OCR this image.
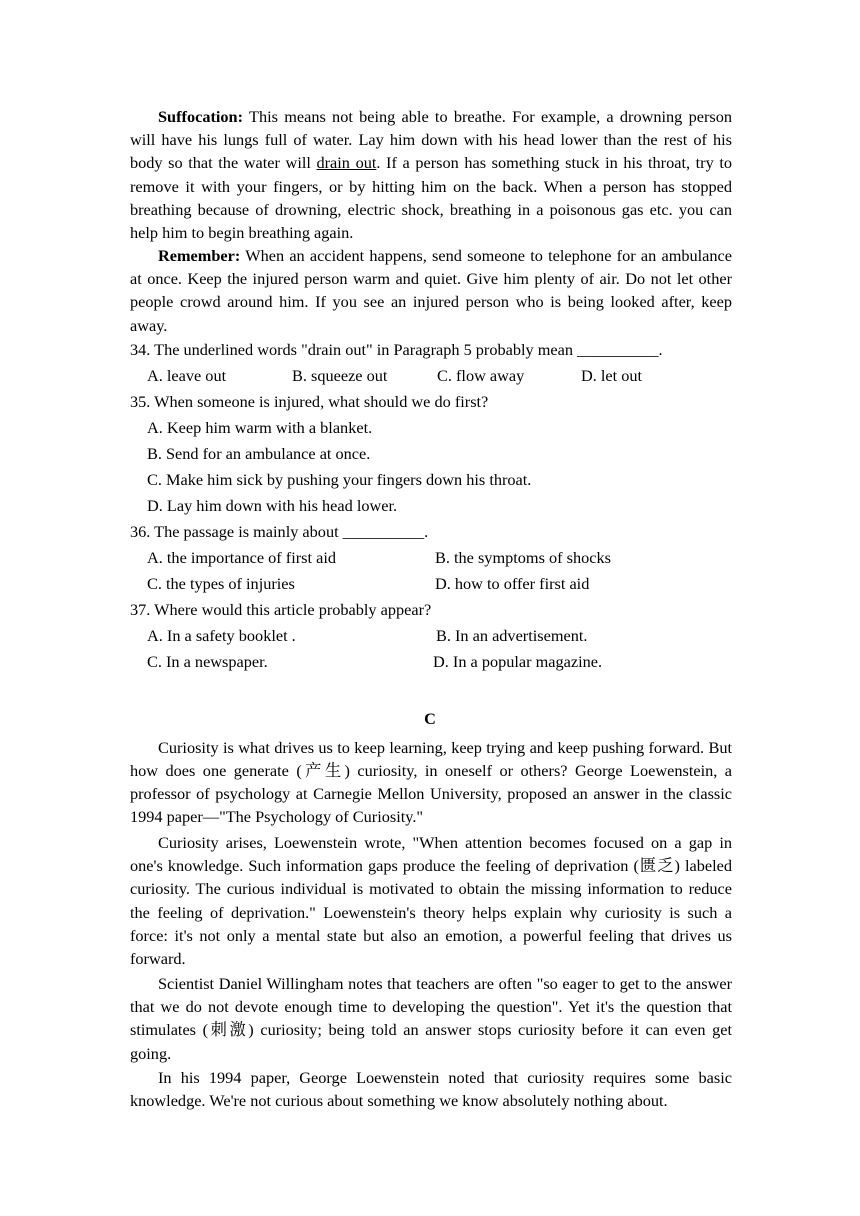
Suffocation: This means not being able to breathe. For example, a drowning person will have his lungs full of water. Lay him down with his head lower than the rest of his body so that the water will drain out. If a person has something stuck in his throat, try to remove it with your fingers, or by hitting him on the back. When a person has stopped breathing because of drowning, electric shock, breathing in a poisonous gas etc. you can help him to begin breathing again.

Remember: When an accident happens, send someone to telephone for an ambulance at once. Keep the injured person warm and quiet. Give him plenty of air. Do not let other people crowd around him. If you see an injured person who is being looked after, keep away.

34. The underlined words "drain out" in Paragraph 5 probably mean __________.
A. leave out	B. squeeze out	C. flow away	D. let out
35. When someone is injured, what should we do first?
A. Keep him warm with a blanket.
B. Send for an ambulance at once.
C. Make him sick by pushing your fingers down his throat.
D. Lay him down with his head lower.
36. The passage is mainly about __________.
A. the importance of first aid	B. the symptoms of shocks
C. the types of injuries	D. how to offer first aid
37. Where would this article probably appear?
A. In a safety booklet .	B. In an advertisement.
C. In a newspaper.	D. In a popular magazine.
C

Curiosity is what drives us to keep learning, keep trying and keep pushing forward. But how does one generate (产生) curiosity, in oneself or others? George Loewenstein, a professor of psychology at Carnegie Mellon University, proposed an answer in the classic 1994 paper—"The Psychology of Curiosity."

Curiosity arises, Loewenstein wrote, "When attention becomes focused on a gap in one's knowledge. Such information gaps produce the feeling of deprivation (匮乏) labeled curiosity. The curious individual is motivated to obtain the missing information to reduce the feeling of deprivation." Loewenstein's theory helps explain why curiosity is such a force: it's not only a mental state but also an emotion, a powerful feeling that drives us forward.

Scientist Daniel Willingham notes that teachers are often "so eager to get to the answer that we do not devote enough time to developing the question". Yet it's the question that stimulates (刺激) curiosity; being told an answer stops curiosity before it can even get going.

In his 1994 paper, George Loewenstein noted that curiosity requires some basic knowledge. We're not curious about something we know absolutely nothing about.
